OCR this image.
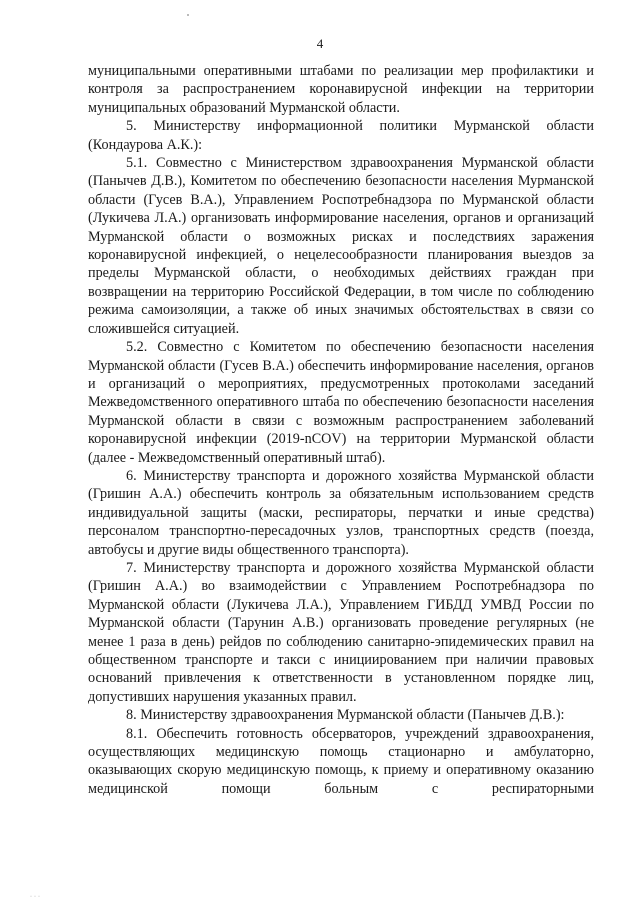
4

муниципальными оперативными штабами по реализации мер профилактики и контроля за распространением коронавирусной инфекции на территории муниципальных образований Мурманской области.

5. Министерству информационной политики Мурманской области (Кондаурова А.К.):

5.1. Совместно с Министерством здравоохранения Мурманской области (Панычев Д.В.), Комитетом по обеспечению безопасности населения Мурманской области (Гусев В.А.), Управлением Роспотребнадзора по Мурманской области (Лукичева Л.А.) организовать информирование населения, органов и организаций Мурманской области о возможных рисках и последствиях заражения коронавирусной инфекцией, о нецелесообразности планирования выездов за пределы Мурманской области, о необходимых действиях граждан при возвращении на территорию Российской Федерации, в том числе по соблюдению режима самоизоляции, а также об иных значимых обстоятельствах в связи со сложившейся ситуацией.

5.2. Совместно с Комитетом по обеспечению безопасности населения Мурманской области (Гусев В.А.) обеспечить информирование населения, органов и организаций о мероприятиях, предусмотренных протоколами заседаний Межведомственного оперативного штаба по обеспечению безопасности населения Мурманской области в связи с возможным распространением заболеваний коронавирусной инфекции (2019-nCOV) на территории Мурманской области (далее - Межведомственный оперативный штаб).

6. Министерству транспорта и дорожного хозяйства Мурманской области (Гришин А.А.) обеспечить контроль за обязательным использованием средств индивидуальной защиты (маски, респираторы, перчатки и иные средства) персоналом транспортно-пересадочных узлов, транспортных средств (поезда, автобусы и другие виды общественного транспорта).

7. Министерству транспорта и дорожного хозяйства Мурманской области (Гришин А.А.) во взаимодействии с Управлением Роспотребнадзора по Мурманской области (Лукичева Л.А.), Управлением ГИБДД УМВД России по Мурманской области (Тарунин А.В.) организовать проведение регулярных (не менее 1 раза в день) рейдов по соблюдению санитарно-эпидемических правил на общественном транспорте и такси с инициированием при наличии правовых оснований привлечения к ответственности в установленном порядке лиц, допустивших нарушения указанных правил.

8. Министерству здравоохранения Мурманской области (Панычев Д.В.):

8.1. Обеспечить готовность обсерваторов, учреждений здравоохранения, осуществляющих медицинскую помощь стационарно и амбулаторно, оказывающих скорую медицинскую помощь, к приему и оперативному оказанию медицинской помощи больным с респираторными

···
